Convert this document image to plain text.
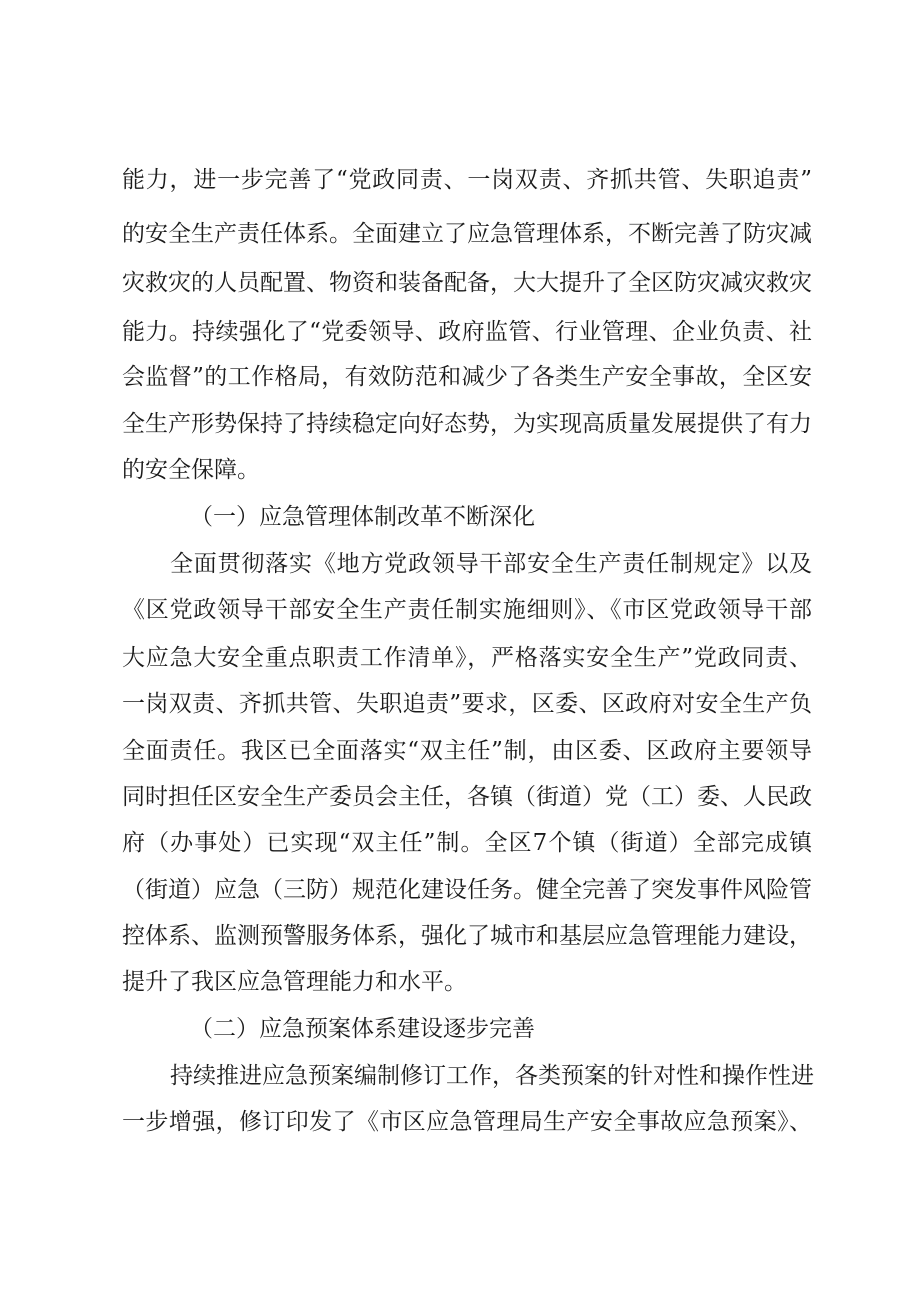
能力，进一步完善了“党政同责、一岗双责、齐抓共管、失职追责”
的安全生产责任体系。全面建立了应急管理体系，不断完善了防灾减
灾救灾的人员配置、物资和装备配备，大大提升了全区防灾减灾救灾
能力。持续强化了“党委领导、政府监管、行业管理、企业负责、社
会监督”的工作格局，有效防范和减少了各类生产安全事故，全区安
全生产形势保持了持续稳定向好态势，为实现高质量发展提供了有力
的安全保障。
（一）应急管理体制改革不断深化
全面贯彻落实《地方党政领导干部安全生产责任制规定》以及
《区党政领导干部安全生产责任制实施细则》、《市区党政领导干部
大应急大安全重点职责工作清单》，严格落实安全生产”党政同责、
一岗双责、齐抓共管、失职追责”要求，区委、区政府对安全生产负
全面责任。我区已全面落实“双主任”制，由区委、区政府主要领导
同时担任区安全生产委员会主任，各镇（街道）党（工）委、人民政
府（办事处）已实现“双主任”制。全区7个镇（街道）全部完成镇
（街道）应急（三防）规范化建设任务。健全完善了突发事件风险管
控体系、监测预警服务体系，强化了城市和基层应急管理能力建设，
提升了我区应急管理能力和水平。
（二）应急预案体系建设逐步完善
持续推进应急预案编制修订工作，各类预案的针对性和操作性进
一步增强，修订印发了《市区应急管理局生产安全事故应急预案》、
